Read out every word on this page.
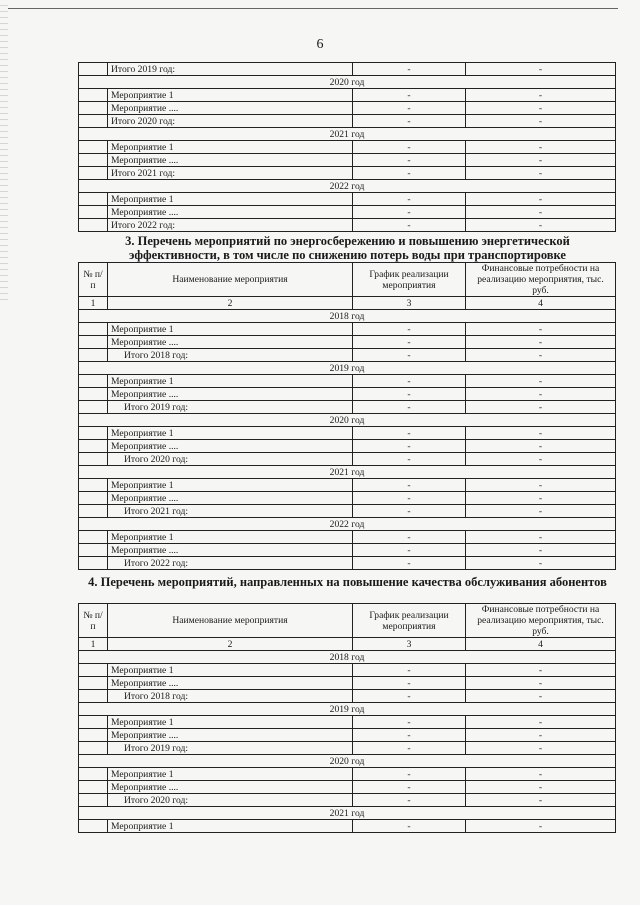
6
	Итого 2019 год:	-	-
2020 год			
	Мероприятие 1	-	-
	Мероприятие ....	-	-
	Итого 2020 год:	-	-
2021 год			
	Мероприятие 1	-	-
	Мероприятие ....	-	-
	Итого 2021 год:	-	-
2022 год			
	Мероприятие 1	-	-
	Мероприятие ....	-	-
	Итого 2022 год:	-	-
3. Перечень мероприятий по энергосбережению и повышению энергетической эффективности, в том числе по снижению потерь воды при транспортировке
№ п/п	Наименование мероприятия	График реализации мероприятия	Финансовые потребности на реализацию мероприятия, тыс. руб.
1	2	3	4
2018 год			
	Мероприятие 1	-	-
	Мероприятие ....	-	-
	Итого 2018 год:	-	-
2019 год			
	Мероприятие 1	-	-
	Мероприятие ....	-	-
	Итого 2019 год:	-	-
2020 год			
	Мероприятие 1	-	-
	Мероприятие ....	-	-
	Итого 2020 год:	-	-
2021 год			
	Мероприятие 1	-	-
	Мероприятие ....	-	-
	Итого 2021 год:	-	-
2022 год			
	Мероприятие 1	-	-
	Мероприятие ....	-	-
	Итого 2022 год:	-	-
4. Перечень мероприятий, направленных на повышение качества обслуживания абонентов
№ п/п	Наименование мероприятия	График реализации мероприятия	Финансовые потребности на реализацию мероприятия, тыс. руб.
1	2	3	4
2018 год			
	Мероприятие 1	-	-
	Мероприятие ....	-	-
	Итого 2018 год:	-	-
2019 год			
	Мероприятие 1	-	-
	Мероприятие ....	-	-
	Итого 2019 год:	-	-
2020 год			
	Мероприятие 1	-	-
	Мероприятие ....	-	-
	Итого 2020 год:	-	-
2021 год			
	Мероприятие 1	-	-
